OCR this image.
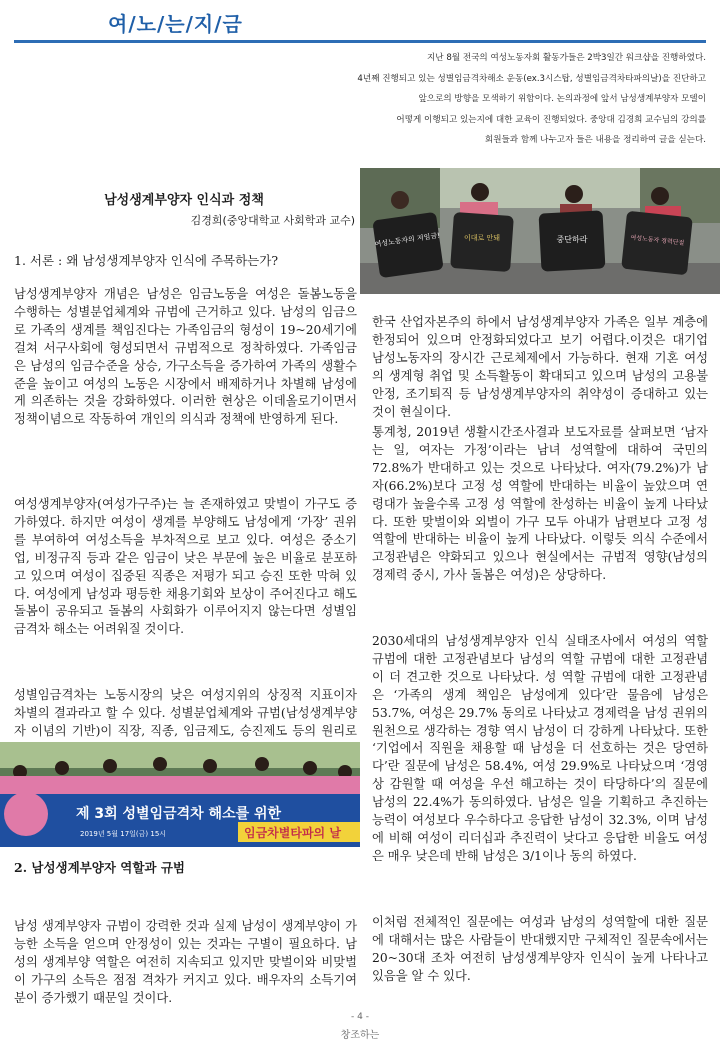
여/노/는/지/금
지난 8월 전국의 여성노동자회 활동가들은 2박3일간 워크샵을 진행하였다.
4년째 진행되고 있는 성별임금격차해소 운동(ex.3시스탑, 성별임금격차타파의날)을 진단하고
앞으로의 방향을 모색하기 위함이다. 논의과정에 앞서 남성생계부양자 모델이
어떻게 이행되고 있는지에 대한 교육이 진행되었다. 중앙대 김경희 교수님의 강의를
회원들과 함께 나누고자 들은 내용을 정리하여 글을 싣는다.
여성노동자의 저임금!	이대로 안돼	중단하라	여성노동자 경력단절
남성생계부양자 인식과 정책
김경희(중앙대학교 사회학과 교수)
1. 서론 : 왜 남성생계부양자 인식에 주목하는가?

남성생계부양자 개념은 남성은 임금노동을 여성은 돌봄노동을 수행하는 성별분업체계와 규범에 근거하고 있다. 남성의 임금으로 가족의 생계를 책임진다는 가족임금의 형성이 19~20세기에 걸쳐 서구사회에 형성되면서 규범적으로 정착하였다. 가족임금은 남성의 임금수준을 상승, 가구소득을 증가하여 가족의 생활수준을 높이고 여성의 노동은 시장에서 배제하거나 차별해 남성에게 의존하는 것을 강화하였다. 이러한 현상은 이데올로기이면서 정책이념으로 작동하여 개인의 의식과 정책에 반영하게 된다.

여성생계부양자(여성가구주)는 늘 존재하였고 맞벌이 가구도 증가하였다. 하지만 여성이 생계를 부양해도 남성에게 ‘가장’ 권위를 부여하여 여성소득을 부차적으로 보고 있다. 여성은 중소기업, 비정규직 등과 같은 임금이 낮은 부문에 높은 비율로 분포하고 있으며 여성이 집중된 직종은 저평가 되고 승진 또한 막혀 있다. 여성에게 남성과 평등한 채용기회와 보상이 주어진다고 해도 돌봄이 공유되고 돌봄의 사회화가 이루어지지 않는다면 성별임금격차 해소는 어려워질 것이다.

성별임금격차는 노동시장의 낮은 여성지위의 상징적 지표이자 차별의 결과라고 할 수 있다. 성별분업체계와 규범(남성생계부양자 이념의 기반)이 직장, 직종, 임금제도, 승진제도 등의 원리로

제 3회 성별임금격차 해소를 위한
임금차별타파의 날
2019년 5월 17일(금) 15시
2. 남성생계부양자 역할과 규범

남성 생계부양자 규범이 강력한 것과 실제 남성이 생계부양이 가능한 소득을 얻으며 안정성이 있는 것과는 구별이 필요하다. 남성의 생계부양 역할은 여전히 지속되고 있지만 맞벌이와 비맞벌이 가구의 소득은 점점 격차가 커지고 있다. 배우자의 소득기여분이 증가했기 때문일 것이다.

한국 산업자본주의 하에서 남성생계부양자 가족은 일부 계층에 한정되어 있으며 안정화되었다고 보기 어렵다.이것은 대기업 남성노동자의 장시간 근로체제에서 가능하다. 현재 기혼 여성의 생계형 취업 및 소득활동이 확대되고 있으며 남성의 고용불안정, 조기퇴직 등 남성생계부양자의 취약성이 증대하고 있는 것이 현실이다.

통계청, 2019년 생활시간조사결과 보도자료를 살펴보면 ‘남자는 일, 여자는 가정’이라는 남녀 성역할에 대하여 국민의 72.8%가 반대하고 있는 것으로 나타났다. 여자(79.2%)가 남자(66.2%)보다 고정 성 역할에 반대하는 비율이 높았으며 연령대가 높을수록 고정 성 역할에 찬성하는 비율이 높게 나타났다. 또한 맞벌이와 외벌이 가구 모두 아내가 남편보다 고정 성 역할에 반대하는 비율이 높게 나타났다. 이렇듯 의식 수준에서 고정관념은 약화되고 있으나 현실에서는 규범적 영향(남성의 경제력 중시, 가사 돌봄은 여성)은 상당하다.

2030세대의 남성생계부양자 인식 실태조사에서 여성의 역할 규범에 대한 고정관념보다 남성의 역할 규범에 대한 고정관념이 더 견고한 것으로 나타났다. 성 역할 규범에 대한 고정관념은 ‘가족의 생계 책임은 남성에게 있다’란 물음에 남성은 53.7%, 여성은 29.7% 동의로 나타났고 경제력을 남성 권위의 원천으로 생각하는 경향 역시 남성이 더 강하게 나타났다. 또한 ‘기업에서 직원을 채용할 때 남성을 더 선호하는 것은 당연하다’란 질문에 남성은 58.4%, 여성 29.9%로 나타났으며 ‘경영상 감원할 때 여성을 우선 해고하는 것이 타당하다’의 질문에 남성의 22.4%가 동의하였다. 남성은 일을 기획하고 추진하는 능력이 여성보다 우수하다고 응답한 남성이 32.3%, 이며 남성에 비해 여성이 리더십과 추진력이 낮다고 응답한 비율도 여성은 매우 낮은데 반해 남성은 3/1이나 동의 하였다.

이처럼 전체적인 질문에는 여성과 남성의 성역할에 대한 질문에 대해서는 많은 사람들이 반대했지만 구체적인 질문속에서는 20~30대 조차 여전히 남성생계부양자 인식이 높게 나타나고 있음을 알 수 있다.

- 4 -
창조하는
